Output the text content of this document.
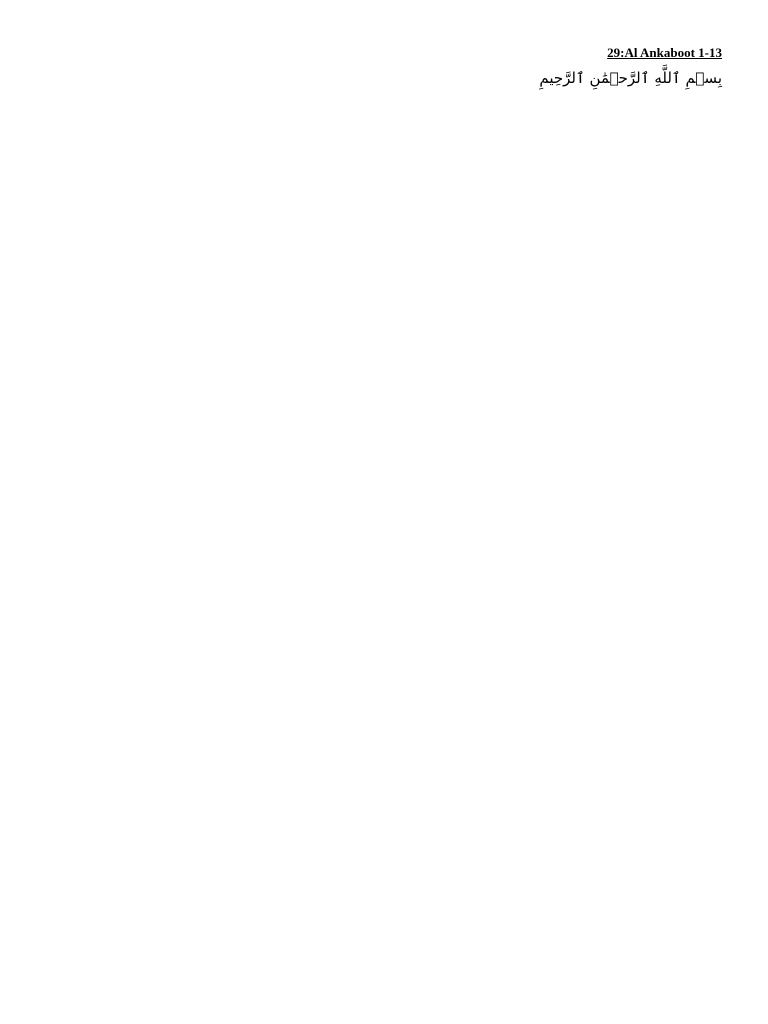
29:Al Ankaboot 1-13

بِسۡمِ ٱللَّهِ ٱلرَّحۡمَٰنِ ٱلرَّحِيمِ
